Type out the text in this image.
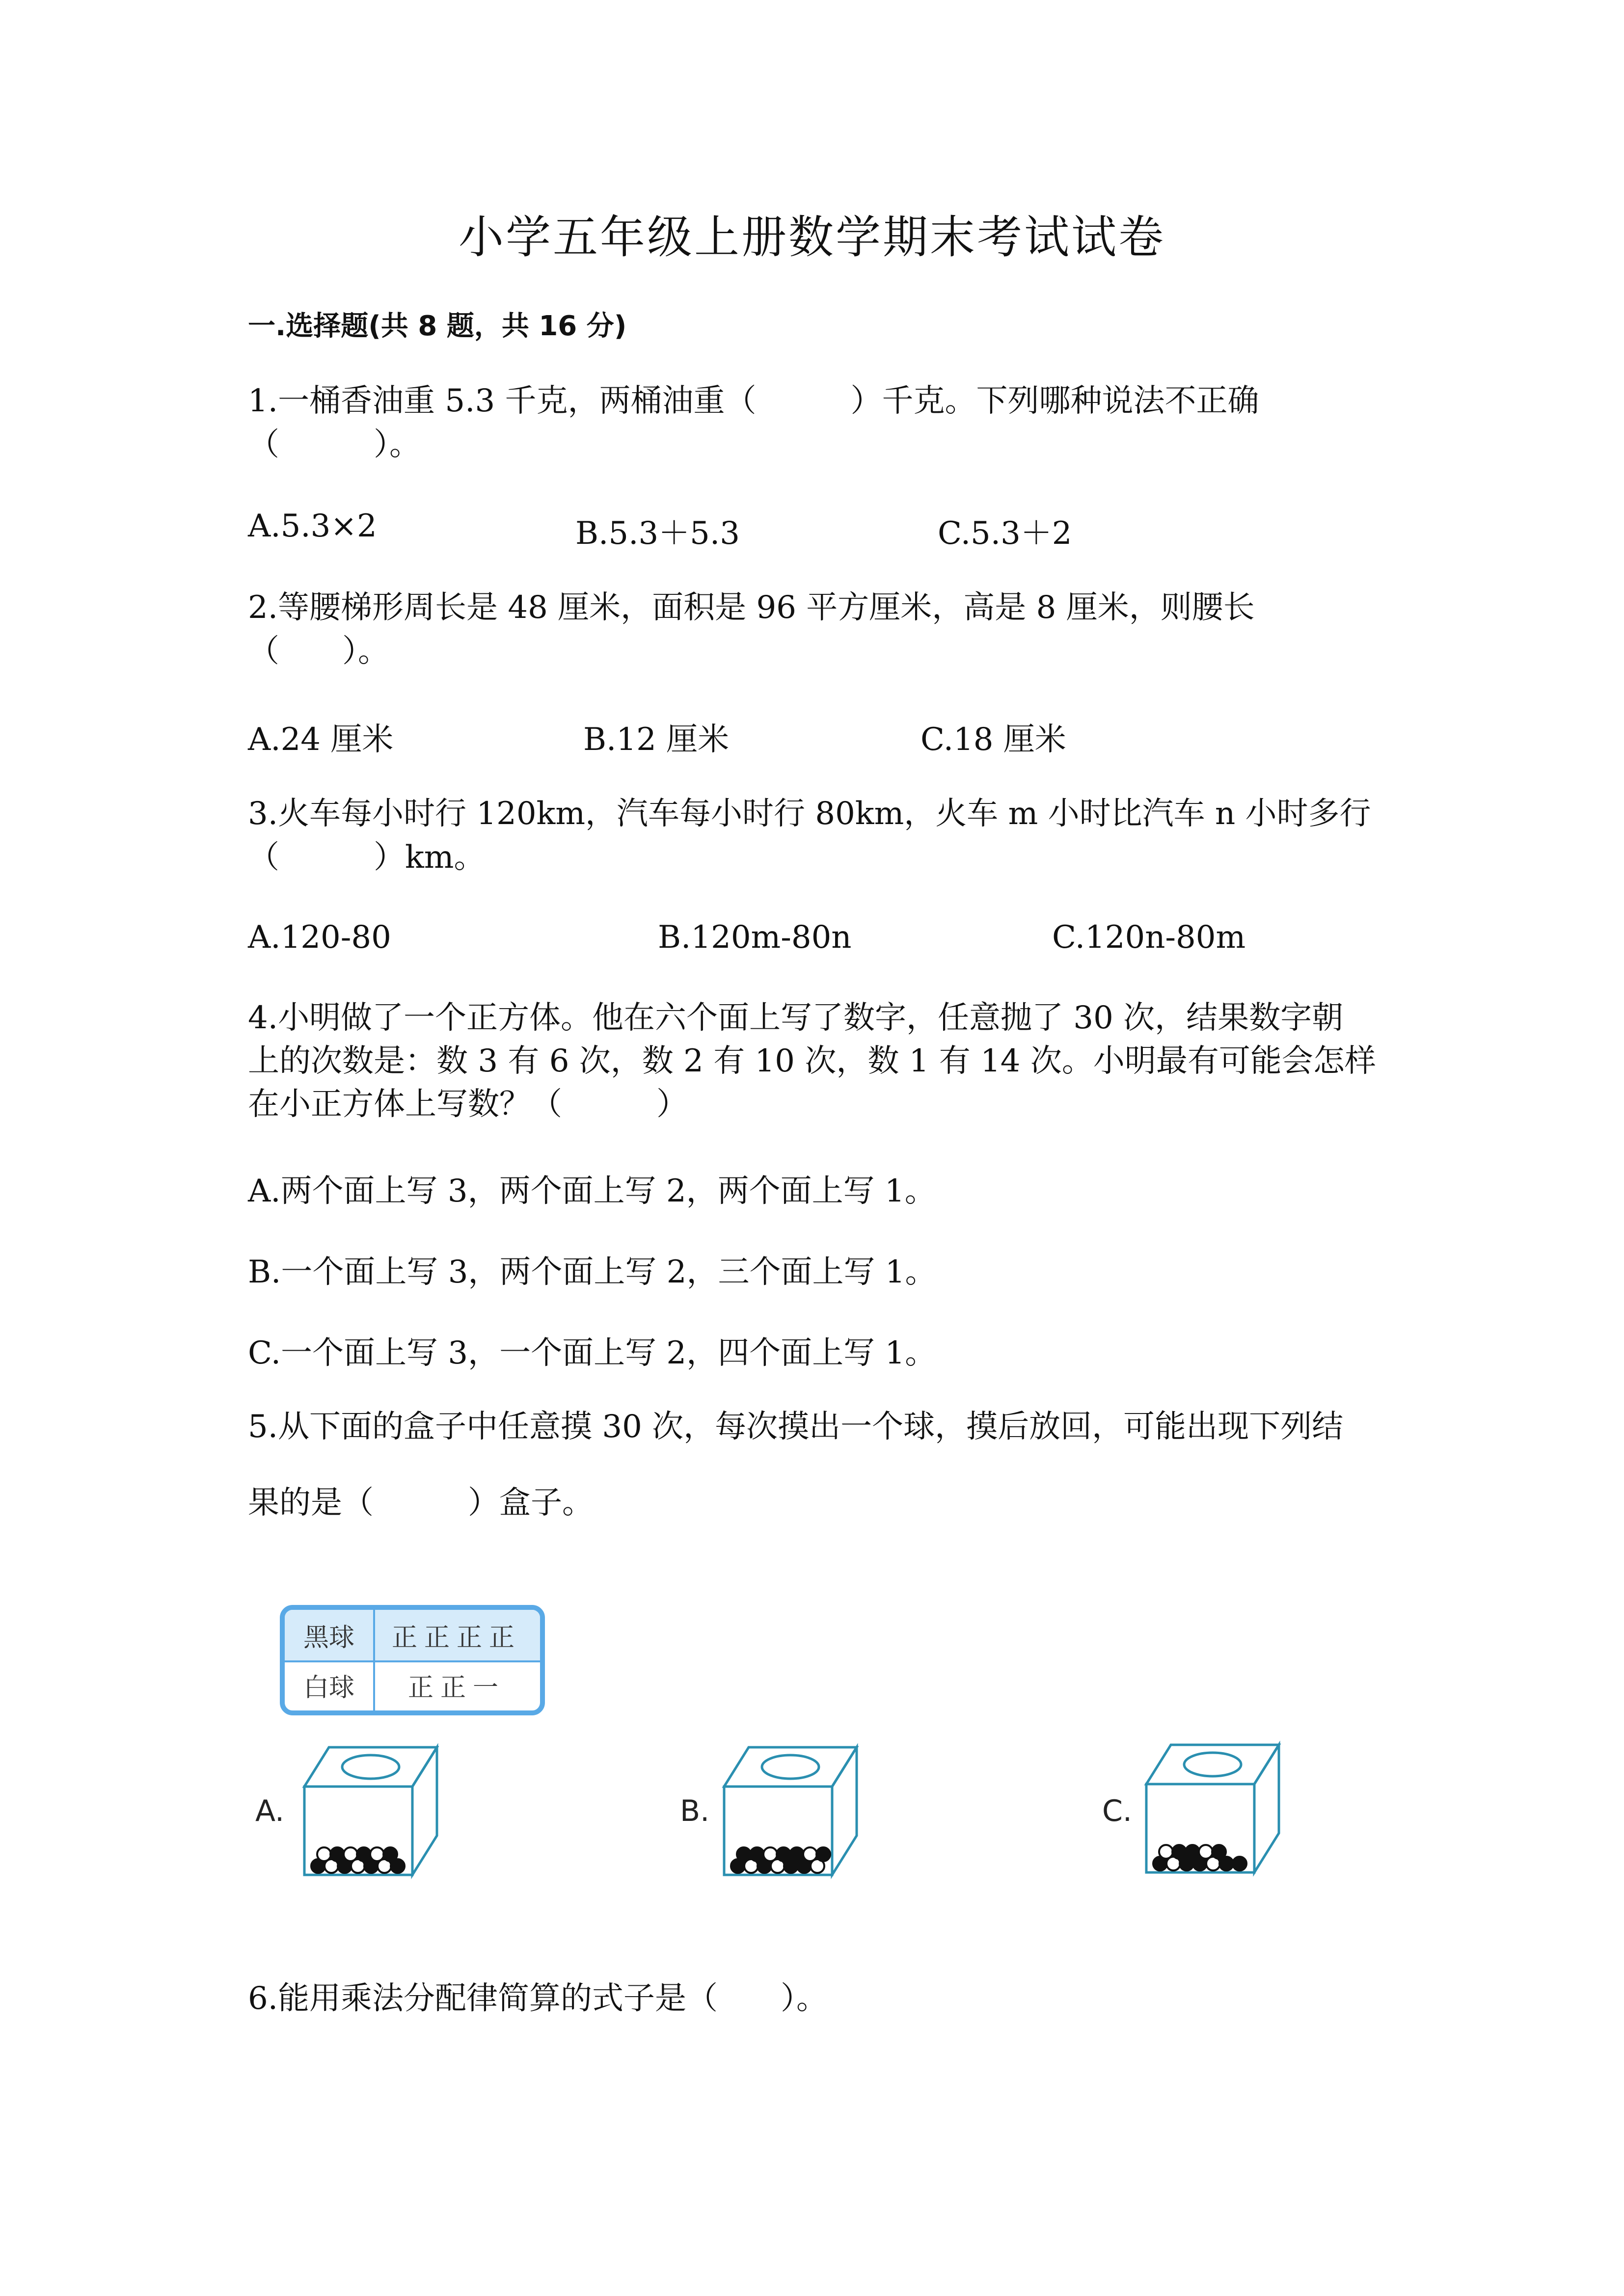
小学五年级上册数学期末考试试卷
一.选择题(共 8 题，共 16 分)
1.一桶香油重 5.3 千克，两桶油重（　　　）千克。下列哪种说法不正确
（　　　）。
A.5.3×2	B.5.3＋5.3	C.5.3＋2
2.等腰梯形周长是 48 厘米，面积是 96 平方厘米，高是 8 厘米，则腰长
（　　）。
A.24 厘米	B.12 厘米	C.18 厘米
3.火车每小时行 120km，汽车每小时行 80km，火车 m 小时比汽车 n 小时多行
（　　　）km。
A.120-80	B.120m-80n	C.120n-80m
4.小明做了一个正方体。他在六个面上写了数字，任意抛了 30 次，结果数字朝
上的次数是：数 3 有 6 次，数 2 有 10 次，数 1 有 14 次。小明最有可能会怎样
在小正方体上写数？（　　　）
A.两个面上写 3，两个面上写 2，两个面上写 1。
B.一个面上写 3，两个面上写 2，三个面上写 1。
C.一个面上写 3，一个面上写 2，四个面上写 1。
5.从下面的盒子中任意摸 30 次，每次摸出一个球，摸后放回，可能出现下列结
果的是（　　　）盒子。
黑球	正正正正
白球	正正一
A.	B.	C.
6.能用乘法分配律简算的式子是（　　）。
